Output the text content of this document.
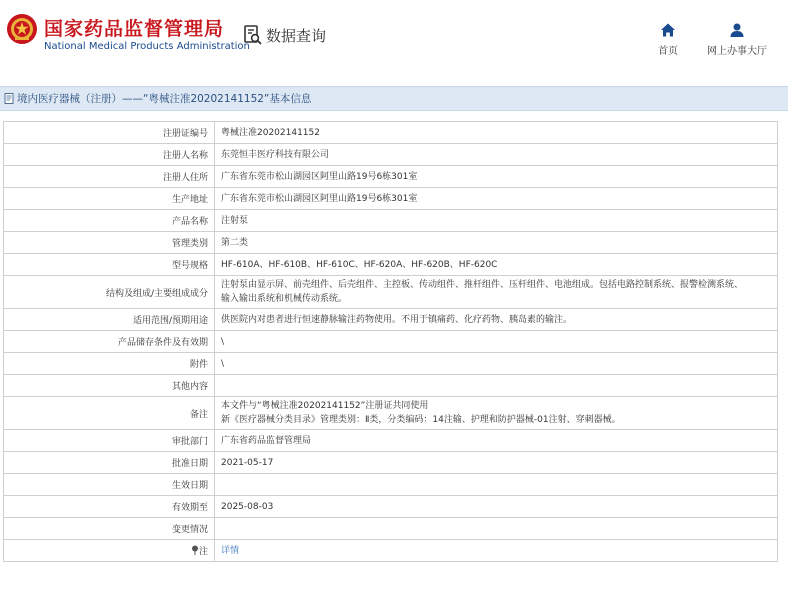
国家药品监督管理局
National Medical Products Administration
数据查询
首页	网上办事大厅
境内医疗器械（注册）——“粤械注准20202141152”基本信息
注册证编号	粤械注准20202141152
注册人名称	东莞恒丰医疗科技有限公司
注册人住所	广东省东莞市松山湖园区阿里山路19号6栋301室
生产地址	广东省东莞市松山湖园区阿里山路19号6栋301室
产品名称	注射泵
管理类别	第二类
型号规格	HF-610A、HF-610B、HF-610C、HF-620A、HF-620B、HF-620C
结构及组成/主要组成成分	注射泵由显示屏、前壳组件、后壳组件、主控板、传动组件、推杆组件、压杆组件、电池组成。包括电路控制系统、报警检测系统、
输入输出系统和机械传动系统。

适用范围/预期用途	供医院内对患者进行恒速静脉输注药物使用。不用于镇痛药、化疗药物、胰岛素的输注。
产品储存条件及有效期	\
附件	\
其他内容	
备注	本文件与“粤械注准20202141152”注册证共同使用
新《医疗器械分类目录》管理类别：Ⅱ类，分类编码：14注输、护理和防护器械-01注射、穿刺器械。

审批部门	广东省药品监督管理局
批准日期	2021-05-17
生效日期	
有效期至	2025-08-03
变更情况	
注	详情
